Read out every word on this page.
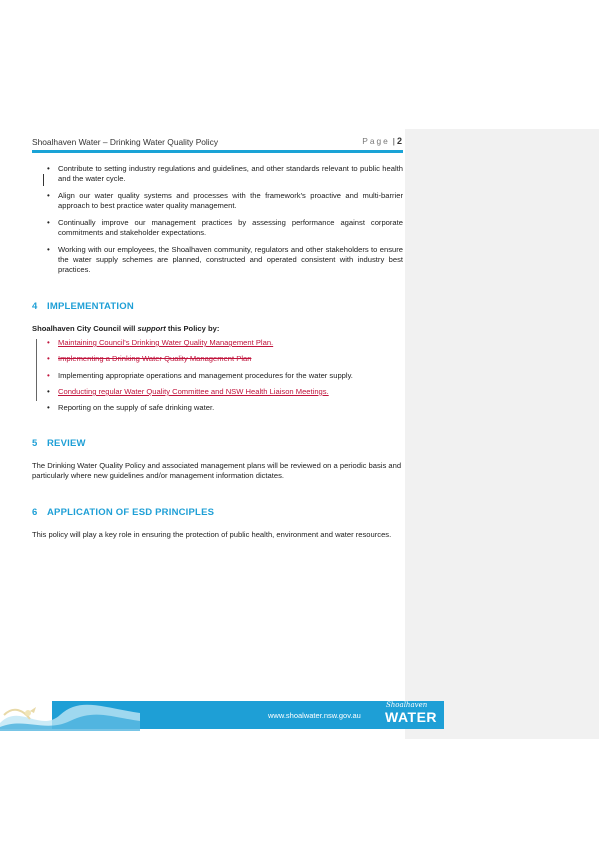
Shoalhaven Water – Drinking Water Quality Policy	Page | 2
• Contribute to setting industry regulations and guidelines, and other standards relevant to public health and the water cycle.
• Align our water quality systems and processes with the framework's proactive and multi-barrier approach to best practice water quality management.
• Continually improve our management practices by assessing performance against corporate commitments and stakeholder expectations.
• Working with our employees, the Shoalhaven community, regulators and other stakeholders to ensure the water supply schemes are planned, constructed and operated consistent with industry best practices.
4 IMPLEMENTATION
Shoalhaven City Council will support this Policy by:
• Maintaining Council's Drinking Water Quality Management Plan.
• Implementing a Drinking Water Quality Management Plan
• Implementing appropriate operations and management procedures for the water supply.
• Conducting regular Water Quality Committee and NSW Health Liaison Meetings.
• Reporting on the supply of safe drinking water.
5 REVIEW
The Drinking Water Quality Policy and associated management plans will be reviewed on a periodic basis and particularly where new guidelines and/or management information dictates.
6 APPLICATION OF ESD PRINCIPLES
This policy will play a key role in ensuring the protection of public health, environment and water resources.
www.shoalwater.nsw.gov.au
Shoalhaven
WATER
